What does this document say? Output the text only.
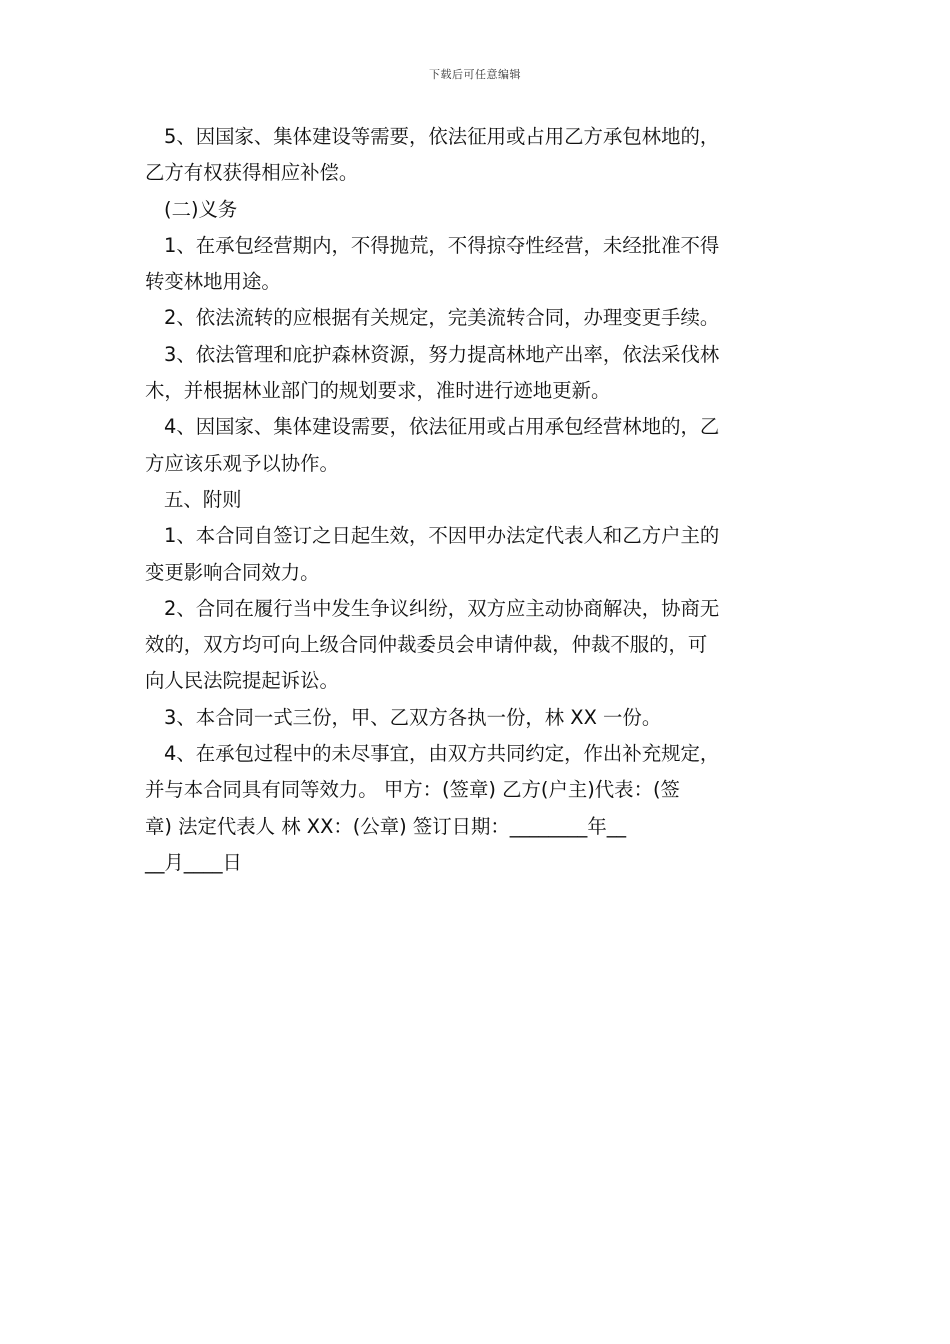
下载后可任意编辑
5、因国家、集体建设等需要，依法征用或占用乙方承包林地的，
乙方有权获得相应补偿。
(二)义务
1、在承包经营期内，不得抛荒，不得掠夺性经营，未经批准不得
转变林地用途。
2、依法流转的应根据有关规定，完美流转合同，办理变更手续。
3、依法管理和庇护森林资源，努力提高林地产出率，依法采伐林
木，并根据林业部门的规划要求，准时进行迹地更新。
4、因国家、集体建设需要，依法征用或占用承包经营林地的，乙
方应该乐观予以协作。
五、附则
1、本合同自签订之日起生效，不因甲办法定代表人和乙方户主的
变更影响合同效力。
2、合同在履行当中发生争议纠纷，双方应主动协商解决，协商无
效的，双方均可向上级合同仲裁委员会申请仲裁，仲裁不服的，可
向人民法院提起诉讼。
3、本合同一式三份，甲、乙双方各执一份，林 XX 一份。
4、在承包过程中的未尽事宜，由双方共同约定，作出补充规定，
并与本合同具有同等效力。 甲方：(签章) 乙方(户主)代表：(签
章) 法定代表人 林 XX：(公章) 签订日期：________年__
__月____日
